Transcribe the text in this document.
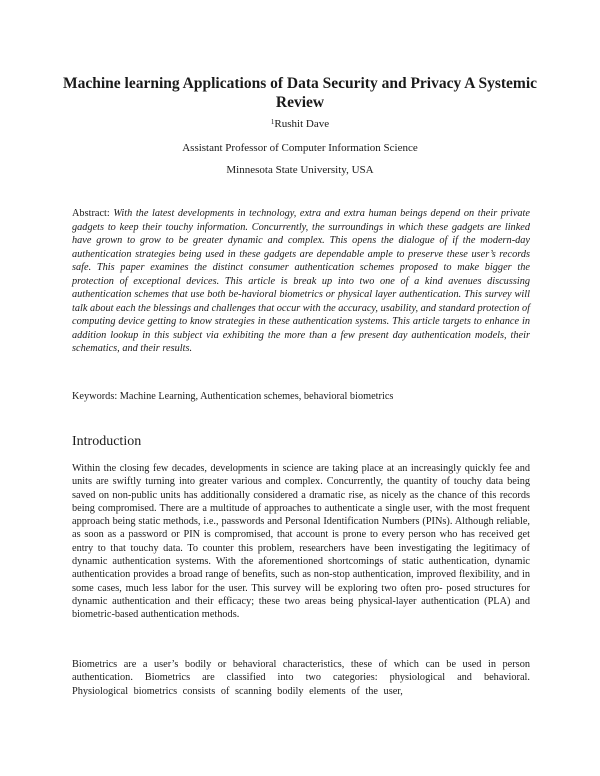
Machine learning Applications of Data Security and Privacy A Systemic Review
$^1$Rushit Dave
Assistant Professor of Computer Information Science
Minnesota State University, USA

Abstract: With the latest developments in technology, extra and extra human beings depend on their private gadgets to keep their touchy information. Concurrently, the surroundings in which these gadgets are linked have grown to grow to be greater dynamic and complex. This opens the dialogue of if the modern-day authentication strategies being used in these gadgets are dependable ample to preserve these user’s records safe. This paper examines the distinct consumer authentication schemes proposed to make bigger the protection of exceptional devices. This article is break up into two one of a kind avenues discussing authentication schemes that use both be-havioral biometrics or physical layer authentication. This survey will talk about each the blessings and challenges that occur with the accuracy, usability, and standard protection of computing device getting to know strategies in these authentication systems. This article targets to enhance in addition lookup in this subject via exhibiting the more than a few present day authentication models, their schematics, and their results.

Keywords: Machine Learning, Authentication schemes, behavioral biometrics

Introduction

Within the closing few decades, developments in science are taking place at an increasingly quickly fee and units are swiftly turning into greater various and complex. Concurrently, the quantity of touchy data being saved on non-public units has additionally considered a dramatic rise, as nicely as the chance of this records being compromised. There are a multitude of approaches to authenticate a single user, with the most frequent approach being static methods, i.e., passwords and Personal Identification Numbers (PINs). Although reliable, as soon as a password or PIN is compromised, that account is prone to every person who has received get entry to that touchy data. To counter this problem, researchers have been investigating the legitimacy of dynamic authentication systems. With the aforementioned shortcomings of static authentication, dynamic authentication provides a broad range of benefits, such as non-stop authentication, improved flexibility, and in some cases, much less labor for the user. This survey will be exploring two often pro- posed structures for dynamic authentication and their efficacy; these two areas being physical-layer authentication (PLA) and biometric-based authentication methods.

Biometrics are a user’s bodily or behavioral characteristics, these of which can be used in person authentication. Biometrics are classified into two categories: physiological and behavioral. Physiological biometrics consists of scanning bodily elements of the user,
